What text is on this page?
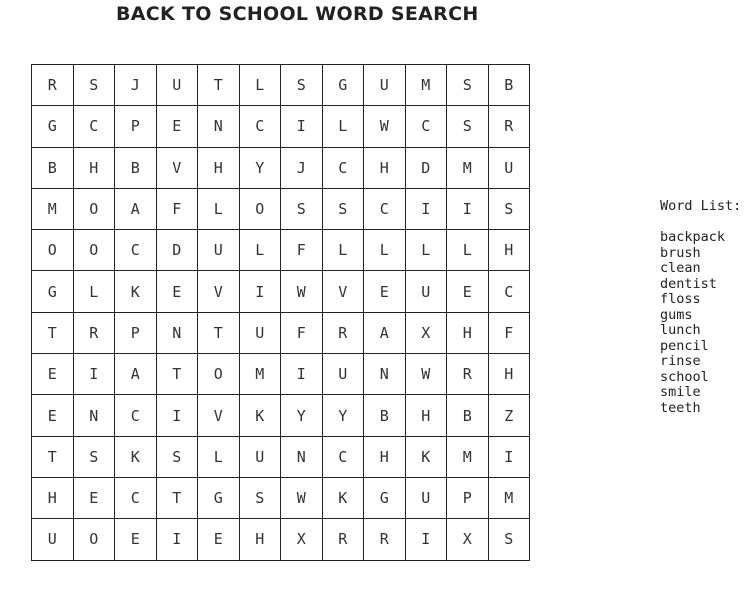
BACK TO SCHOOL WORD SEARCH
R	S	J	U	T	L	S	G	U	M	S	B
G	C	P	E	N	C	I	L	W	C	S	R
B	H	B	V	H	Y	J	C	H	D	M	U
M	O	A	F	L	O	S	S	C	I	I	S
O	O	C	D	U	L	F	L	L	L	L	H
G	L	K	E	V	I	W	V	E	U	E	C
T	R	P	N	T	U	F	R	A	X	H	F
E	I	A	T	O	M	I	U	N	W	R	H
E	N	C	I	V	K	Y	Y	B	H	B	Z
T	S	K	S	L	U	N	C	H	K	M	I
H	E	C	T	G	S	W	K	G	U	P	M
U	O	E	I	E	H	X	R	R	I	X	S
Word List:
backpack
brush
clean
dentist
floss
gums
lunch
pencil
rinse
school
smile
teeth
